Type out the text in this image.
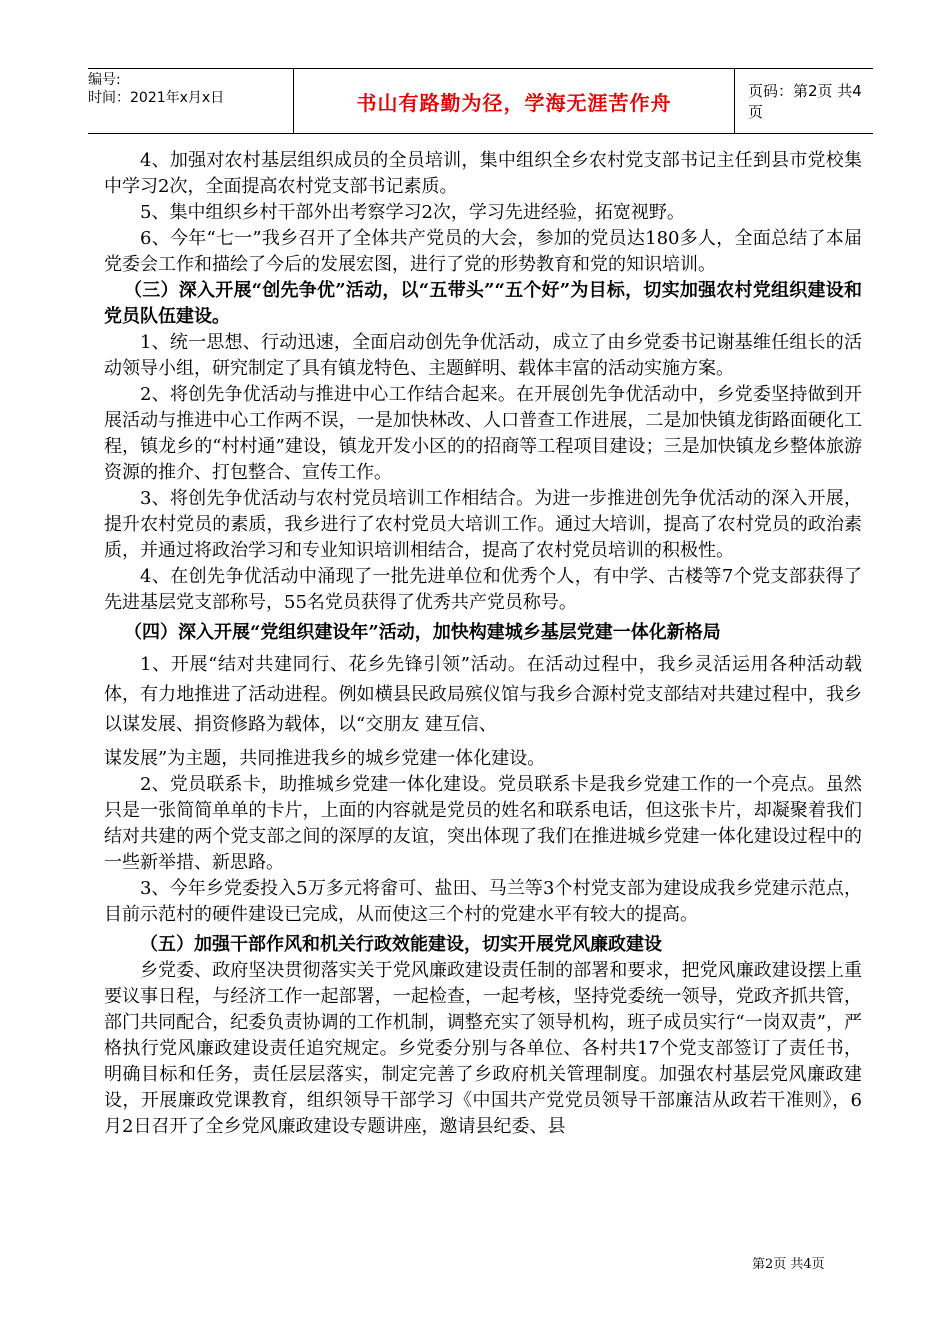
编号:
时间：2021年x月x日	书山有路勤为径，学海无涯苦作舟	页码：第2页 共4页

4、加强对农村基层组织成员的全员培训，集中组织全乡农村党支部书记主任到县市党校集中学习2次，全面提高农村党支部书记素质。

5、集中组织乡村干部外出考察学习2次，学习先进经验，拓宽视野。

6、今年“七一”我乡召开了全体共产党员的大会，参加的党员达180多人，全面总结了本届党委会工作和描绘了今后的发展宏图，进行了党的形势教育和党的知识培训。

（三）深入开展“创先争优”活动，以“五带头”“五个好”为目标，切实加强农村党组织建设和党员队伍建设。

1、统一思想、行动迅速，全面启动创先争优活动，成立了由乡党委书记谢基维任组长的活动领导小组，研究制定了具有镇龙特色、主题鲜明、载体丰富的活动实施方案。

2、将创先争优活动与推进中心工作结合起来。在开展创先争优活动中，乡党委坚持做到开展活动与推进中心工作两不误，一是加快林改、人口普查工作进展，二是加快镇龙街路面硬化工程，镇龙乡的“村村通”建设，镇龙开发小区的的招商等工程项目建设；三是加快镇龙乡整体旅游资源的推介、打包整合、宣传工作。

3、将创先争优活动与农村党员培训工作相结合。为进一步推进创先争优活动的深入开展，提升农村党员的素质，我乡进行了农村党员大培训工作。通过大培训，提高了农村党员的政治素质，并通过将政治学习和专业知识培训相结合，提高了农村党员培训的积极性。

4、在创先争优活动中涌现了一批先进单位和优秀个人，有中学、古楼等7个党支部获得了先进基层党支部称号，55名党员获得了优秀共产党员称号。

（四）深入开展“党组织建设年”活动，加快构建城乡基层党建一体化新格局

1、开展“结对共建同行、花乡先锋引领”活动。在活动过程中，我乡灵活运用各种活动载体，有力地推进了活动进程。例如横县民政局殡仪馆与我乡合源村党支部结对共建过程中，我乡以谋发展、捐资修路为载体，以“交朋友 建互信、

谋发展”为主题，共同推进我乡的城乡党建一体化建设。

2、党员联系卡，助推城乡党建一体化建设。党员联系卡是我乡党建工作的一个亮点。虽然只是一张简简单单的卡片，上面的内容就是党员的姓名和联系电话，但这张卡片，却凝聚着我们结对共建的两个党支部之间的深厚的友谊，突出体现了我们在推进城乡党建一体化建设过程中的一些新举措、新思路。

3、今年乡党委投入5万多元将畲可、盐田、马兰等3个村党支部为建设成我乡党建示范点，目前示范村的硬件建设已完成，从而使这三个村的党建水平有较大的提高。

（五）加强干部作风和机关行政效能建设，切实开展党风廉政建设

乡党委、政府坚决贯彻落实关于党风廉政建设责任制的部署和要求，把党风廉政建设摆上重要议事日程，与经济工作一起部署，一起检查，一起考核，坚持党委统一领导，党政齐抓共管，部门共同配合，纪委负责协调的工作机制，调整充实了领导机构，班子成员实行“一岗双责”，严格执行党风廉政建设责任追究规定。乡党委分别与各单位、各村共17个党支部签订了责任书，明确目标和任务，责任层层落实，制定完善了乡政府机关管理制度。加强农村基层党风廉政建设，开展廉政党课教育，组织领导干部学习《中国共产党党员领导干部廉洁从政若干准则》，6月2日召开了全乡党风廉政建设专题讲座，邀请县纪委、县

第2页 共4页
